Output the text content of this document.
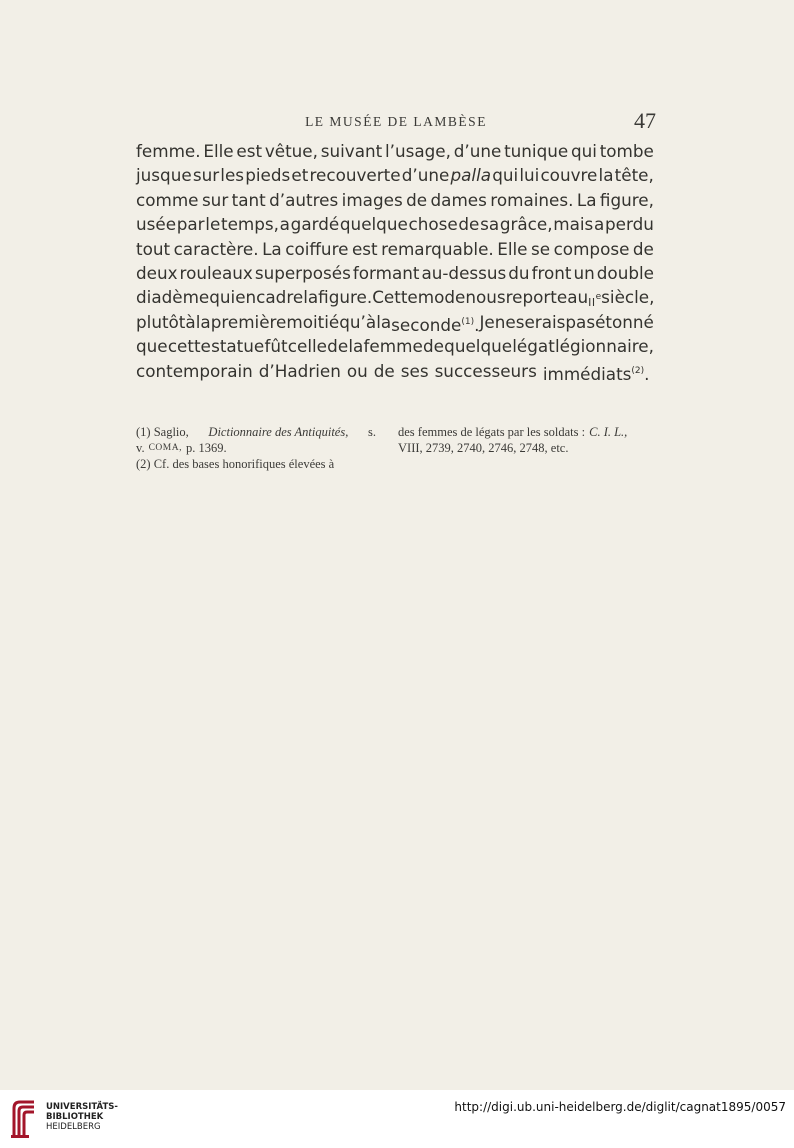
LE MUSÉE DE LAMBÈSE	47
femme. Elle est vêtue, suivant l’usage, d’une tunique qui tombe
jusque sur les pieds et recouverte d’une palla qui lui couvre la tête,
comme sur tant d’autres images de dames romaines. La figure,
usée par le temps, a gardé quelque chose de sa grâce, mais a perdu
tout caractère. La coiffure est remarquable. Elle se compose de
deux rouleaux superposés formant au-dessus du front un double
diadème qui encadre la figure. Cette mode nous reporte au IIe siècle,
plutôt à la première moitié qu’à la seconde$^{(1)}$. Je ne serais pas étonné
que cette statue fût celle de la femme de quelque légat légionnaire,
contemporain d’Hadrien ou de ses successeurs immédiats$^{(2)}$.
(1) Saglio, Dictionnaire des Antiquités, s.
v. COMA, p. 1369.
(2) Cf. des bases honorifiques élevées à
des femmes de légats par les soldats : C. I. L.,
VIII, 2739, 2740, 2746, 2748, etc.
UNIVERSITÄTS-
BIBLIOTHEK
HEIDELBERG
http://digi.ub.uni-heidelberg.de/diglit/cagnat1895/0057
